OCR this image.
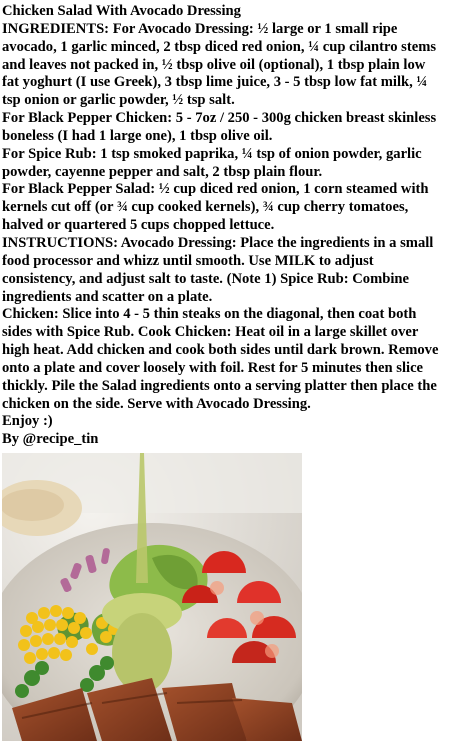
Chicken Salad With Avocado Dressing
INGREDIENTS: For Avocado Dressing: ½ large or 1 small ripe
avocado, 1 garlic minced, 2 tbsp diced red onion, ¼ cup cilantro stems
and leaves not packed in, ½ tbsp olive oil (optional), 1 tbsp plain low
fat yoghurt (I use Greek), 3 tbsp lime juice, 3 - 5 tbsp low fat milk, ¼
tsp onion or garlic powder, ½ tsp salt.
For Black Pepper Chicken: 5 - 7oz / 250 - 300g chicken breast skinless
boneless (I had 1 large one), 1 tbsp olive oil.
For Spice Rub: 1 tsp smoked paprika, ¼ tsp of onion powder, garlic
powder, cayenne pepper and salt, 2 tbsp plain flour.
For Black Pepper Salad: ½ cup diced red onion, 1 corn steamed with
kernels cut off (or ¾ cup cooked kernels), ¾ cup cherry tomatoes,
halved or quartered 5 cups chopped lettuce.
INSTRUCTIONS: Avocado Dressing: Place the ingredients in a small
food processor and whizz until smooth. Use MILK to adjust
consistency, and adjust salt to taste. (Note 1) Spice Rub: Combine
ingredients and scatter on a plate.
Chicken: Slice into 4 - 5 thin steaks on the diagonal, then coat both
sides with Spice Rub. Cook Chicken: Heat oil in a large skillet over
high heat. Add chicken and cook both sides until dark brown. Remove
onto a plate and cover loosely with foil. Rest for 5 minutes then slice
thickly. Pile the Salad ingredients onto a serving platter then place the
chicken on the side. Serve with Avocado Dressing.
Enjoy :)
By @recipe_tin
